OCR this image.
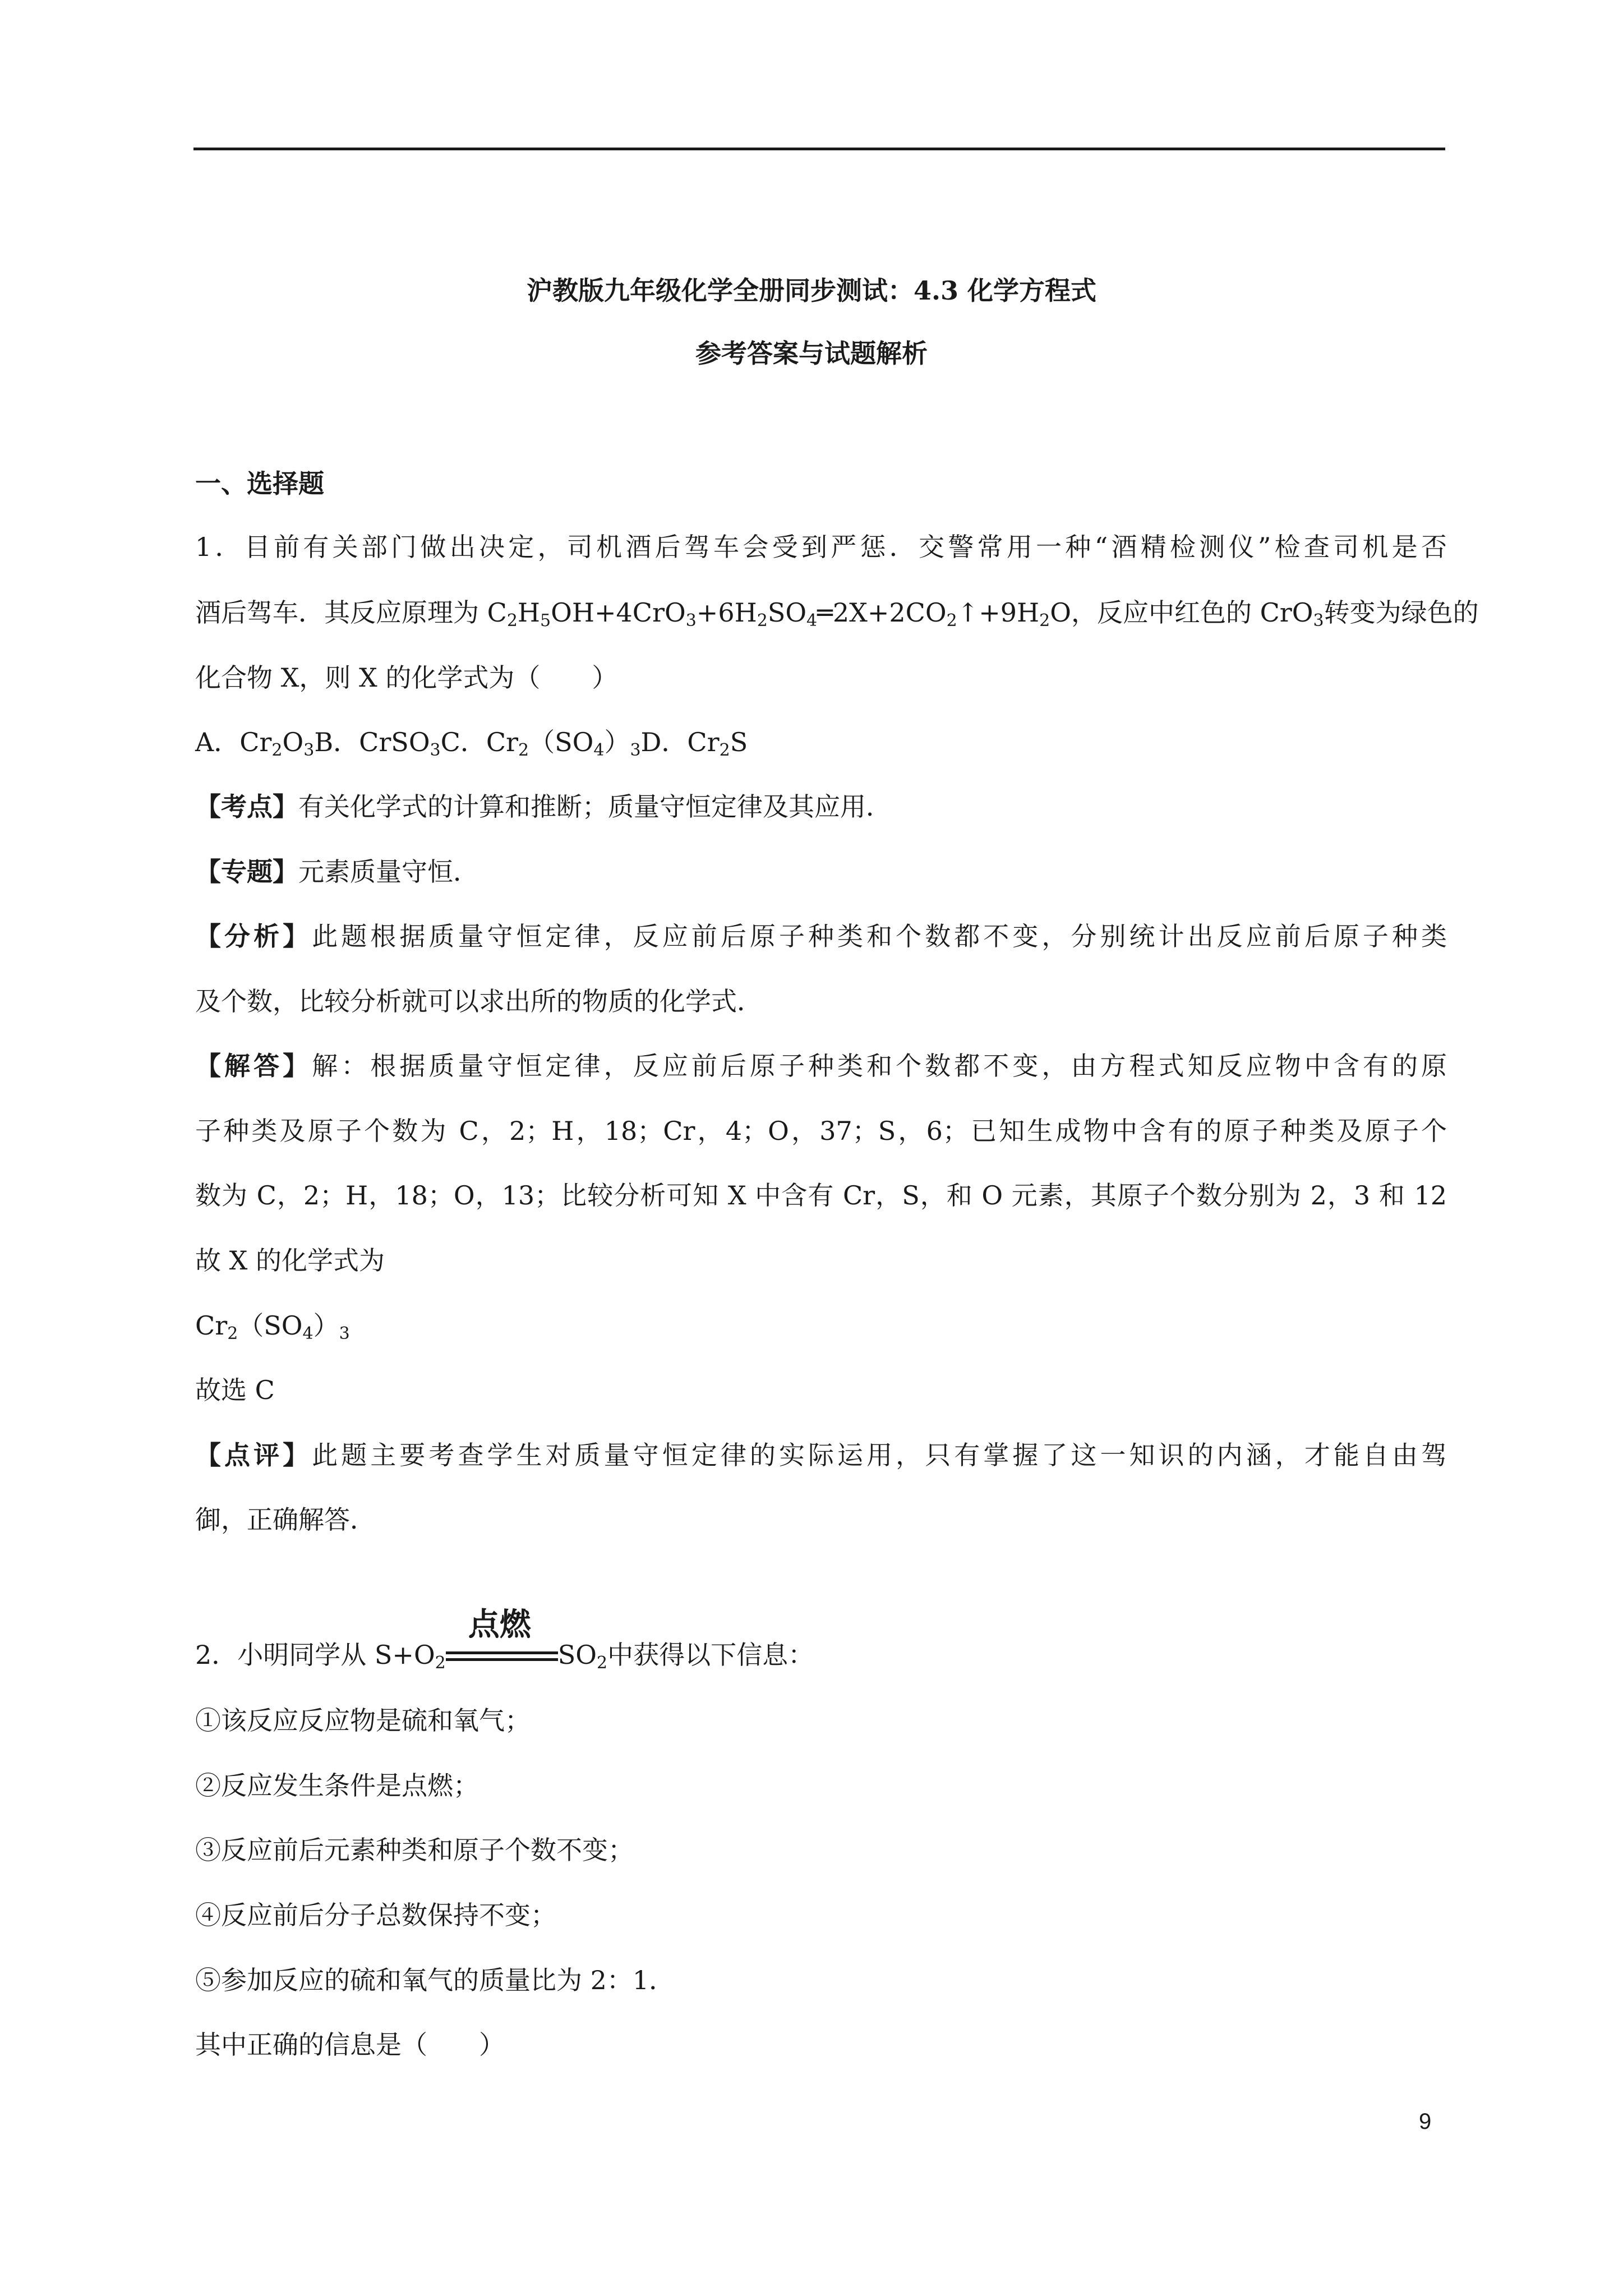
沪教版九年级化学全册同步测试：4.3 化学方程式
参考答案与试题解析
一、选择题
1．目前有关部门做出决定，司机酒后驾车会受到严惩．交警常用一种“酒精检测仪”检查司机是否
酒后驾车．其反应原理为 $C_2H_5OH+4CrO_3+6H_2SO_4═2X+2CO_2↑+9H_2O$，反应中红色的 CrO$_3$转变为绿色的
化合物 X，则 X 的化学式为（　　）
A．$Cr_2O_3B$．CrSO$_3$C．$Cr_2(SO_4)_3D$．$Cr_2S$
【考点】有关化学式的计算和推断；质量守恒定律及其应用．
【专题】元素质量守恒．
【分析】此题根据质量守恒定律，反应前后原子种类和个数都不变，分别统计出反应前后原子种类
及个数，比较分析就可以求出所的物质的化学式．
【解答】解：根据质量守恒定律，反应前后原子种类和个数都不变，由方程式知反应物中含有的原
子种类及原子个数为 C，2；H，18；Cr，4；O，37；S，6；已知生成物中含有的原子种类及原子个
数为 C，2；H，18；O，13；比较分析可知 X 中含有 Cr，S，和 O 元素，其原子个数分别为 2，3 和 12
故 X 的化学式为
$Cr_2(SO_4)_3$
故选 C
【点评】此题主要考查学生对质量守恒定律的实际运用，只有掌握了这一知识的内涵，才能自由驾
御，正确解答．
2．小明同学从 $S+O_2$
点燃
$SO_2$中获得以下信息：
①该反应反应物是硫和氧气；
②反应发生条件是点燃；
③反应前后元素种类和原子个数不变；
④反应前后分子总数保持不变；
⑤参加反应的硫和氧气的质量比为 2：1．
其中正确的信息是（　　）
9
